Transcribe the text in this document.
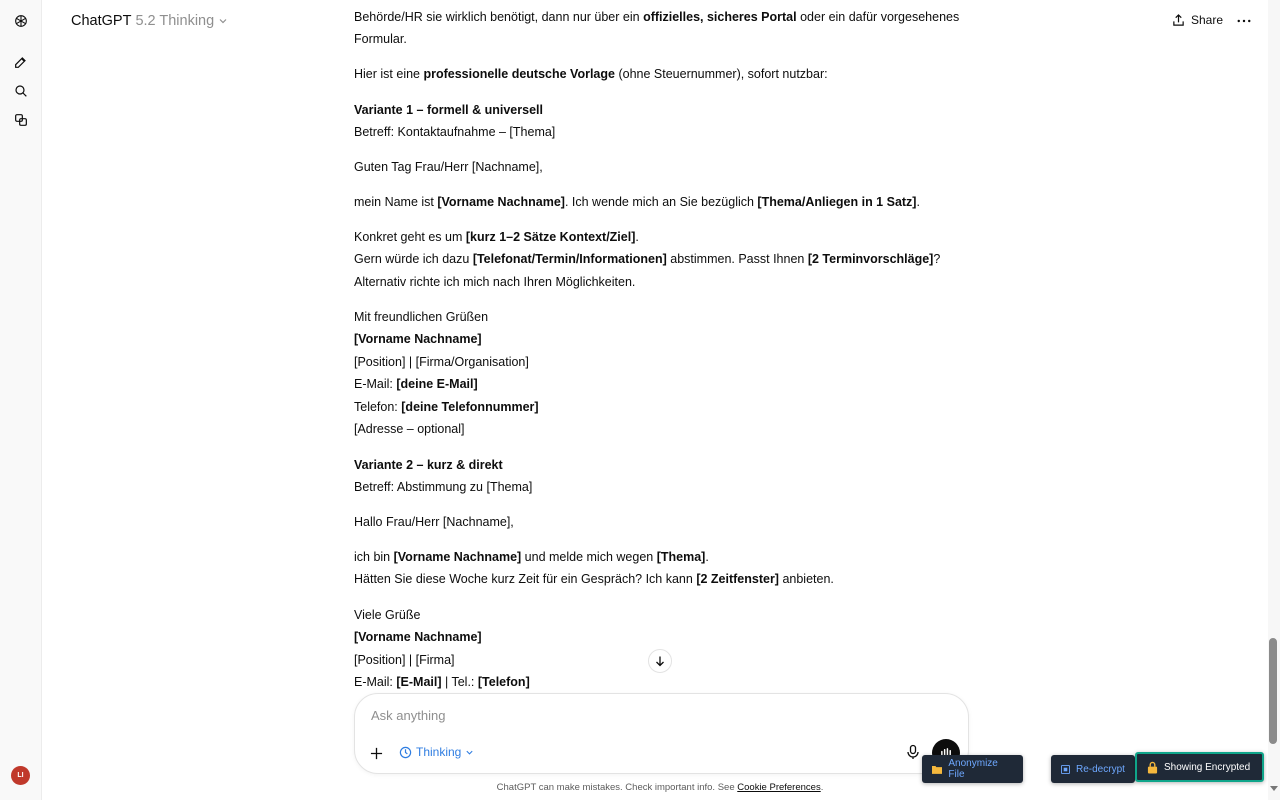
LI
ChatGPT 5.2 Thinking	Share

Behörde/HR sie wirklich benötigt, dann nur über ein offizielles, sicheres Portal oder ein dafür vorgesehenes

Formular.

Hier ist eine professionelle deutsche Vorlage (ohne Steuernummer), sofort nutzbar:

Variante 1 – formell & universell

Betreff: Kontaktaufnahme – [Thema]

Guten Tag Frau/Herr [Nachname],

mein Name ist [Vorname Nachname]. Ich wende mich an Sie bezüglich [Thema/Anliegen in 1 Satz].

Konkret geht es um [kurz 1–2 Sätze Kontext/Ziel].

Gern würde ich dazu [Telefonat/Termin/Informationen] abstimmen. Passt Ihnen [2 Terminvorschläge]?

Alternativ richte ich mich nach Ihren Möglichkeiten.

Mit freundlichen Grüßen

[Vorname Nachname]

[Position] | [Firma/Organisation]

E-Mail: [deine E-Mail]

Telefon: [deine Telefonnummer]

[Adresse – optional]

Variante 2 – kurz & direkt

Betreff: Abstimmung zu [Thema]

Hallo Frau/Herr [Nachname],

ich bin [Vorname Nachname] und melde mich wegen [Thema].

Hätten Sie diese Woche kurz Zeit für ein Gespräch? Ich kann [2 Zeitfenster] anbieten.

Viele Grüße

[Vorname Nachname]

[Position] | [Firma]

E-Mail: [E-Mail] | Tel.: [Telefon]

Ask anything
Thinking
ChatGPT can make mistakes. Check important info. See Cookie Preferences.
Anonymize File	Re-decrypt	Showing Encrypted
